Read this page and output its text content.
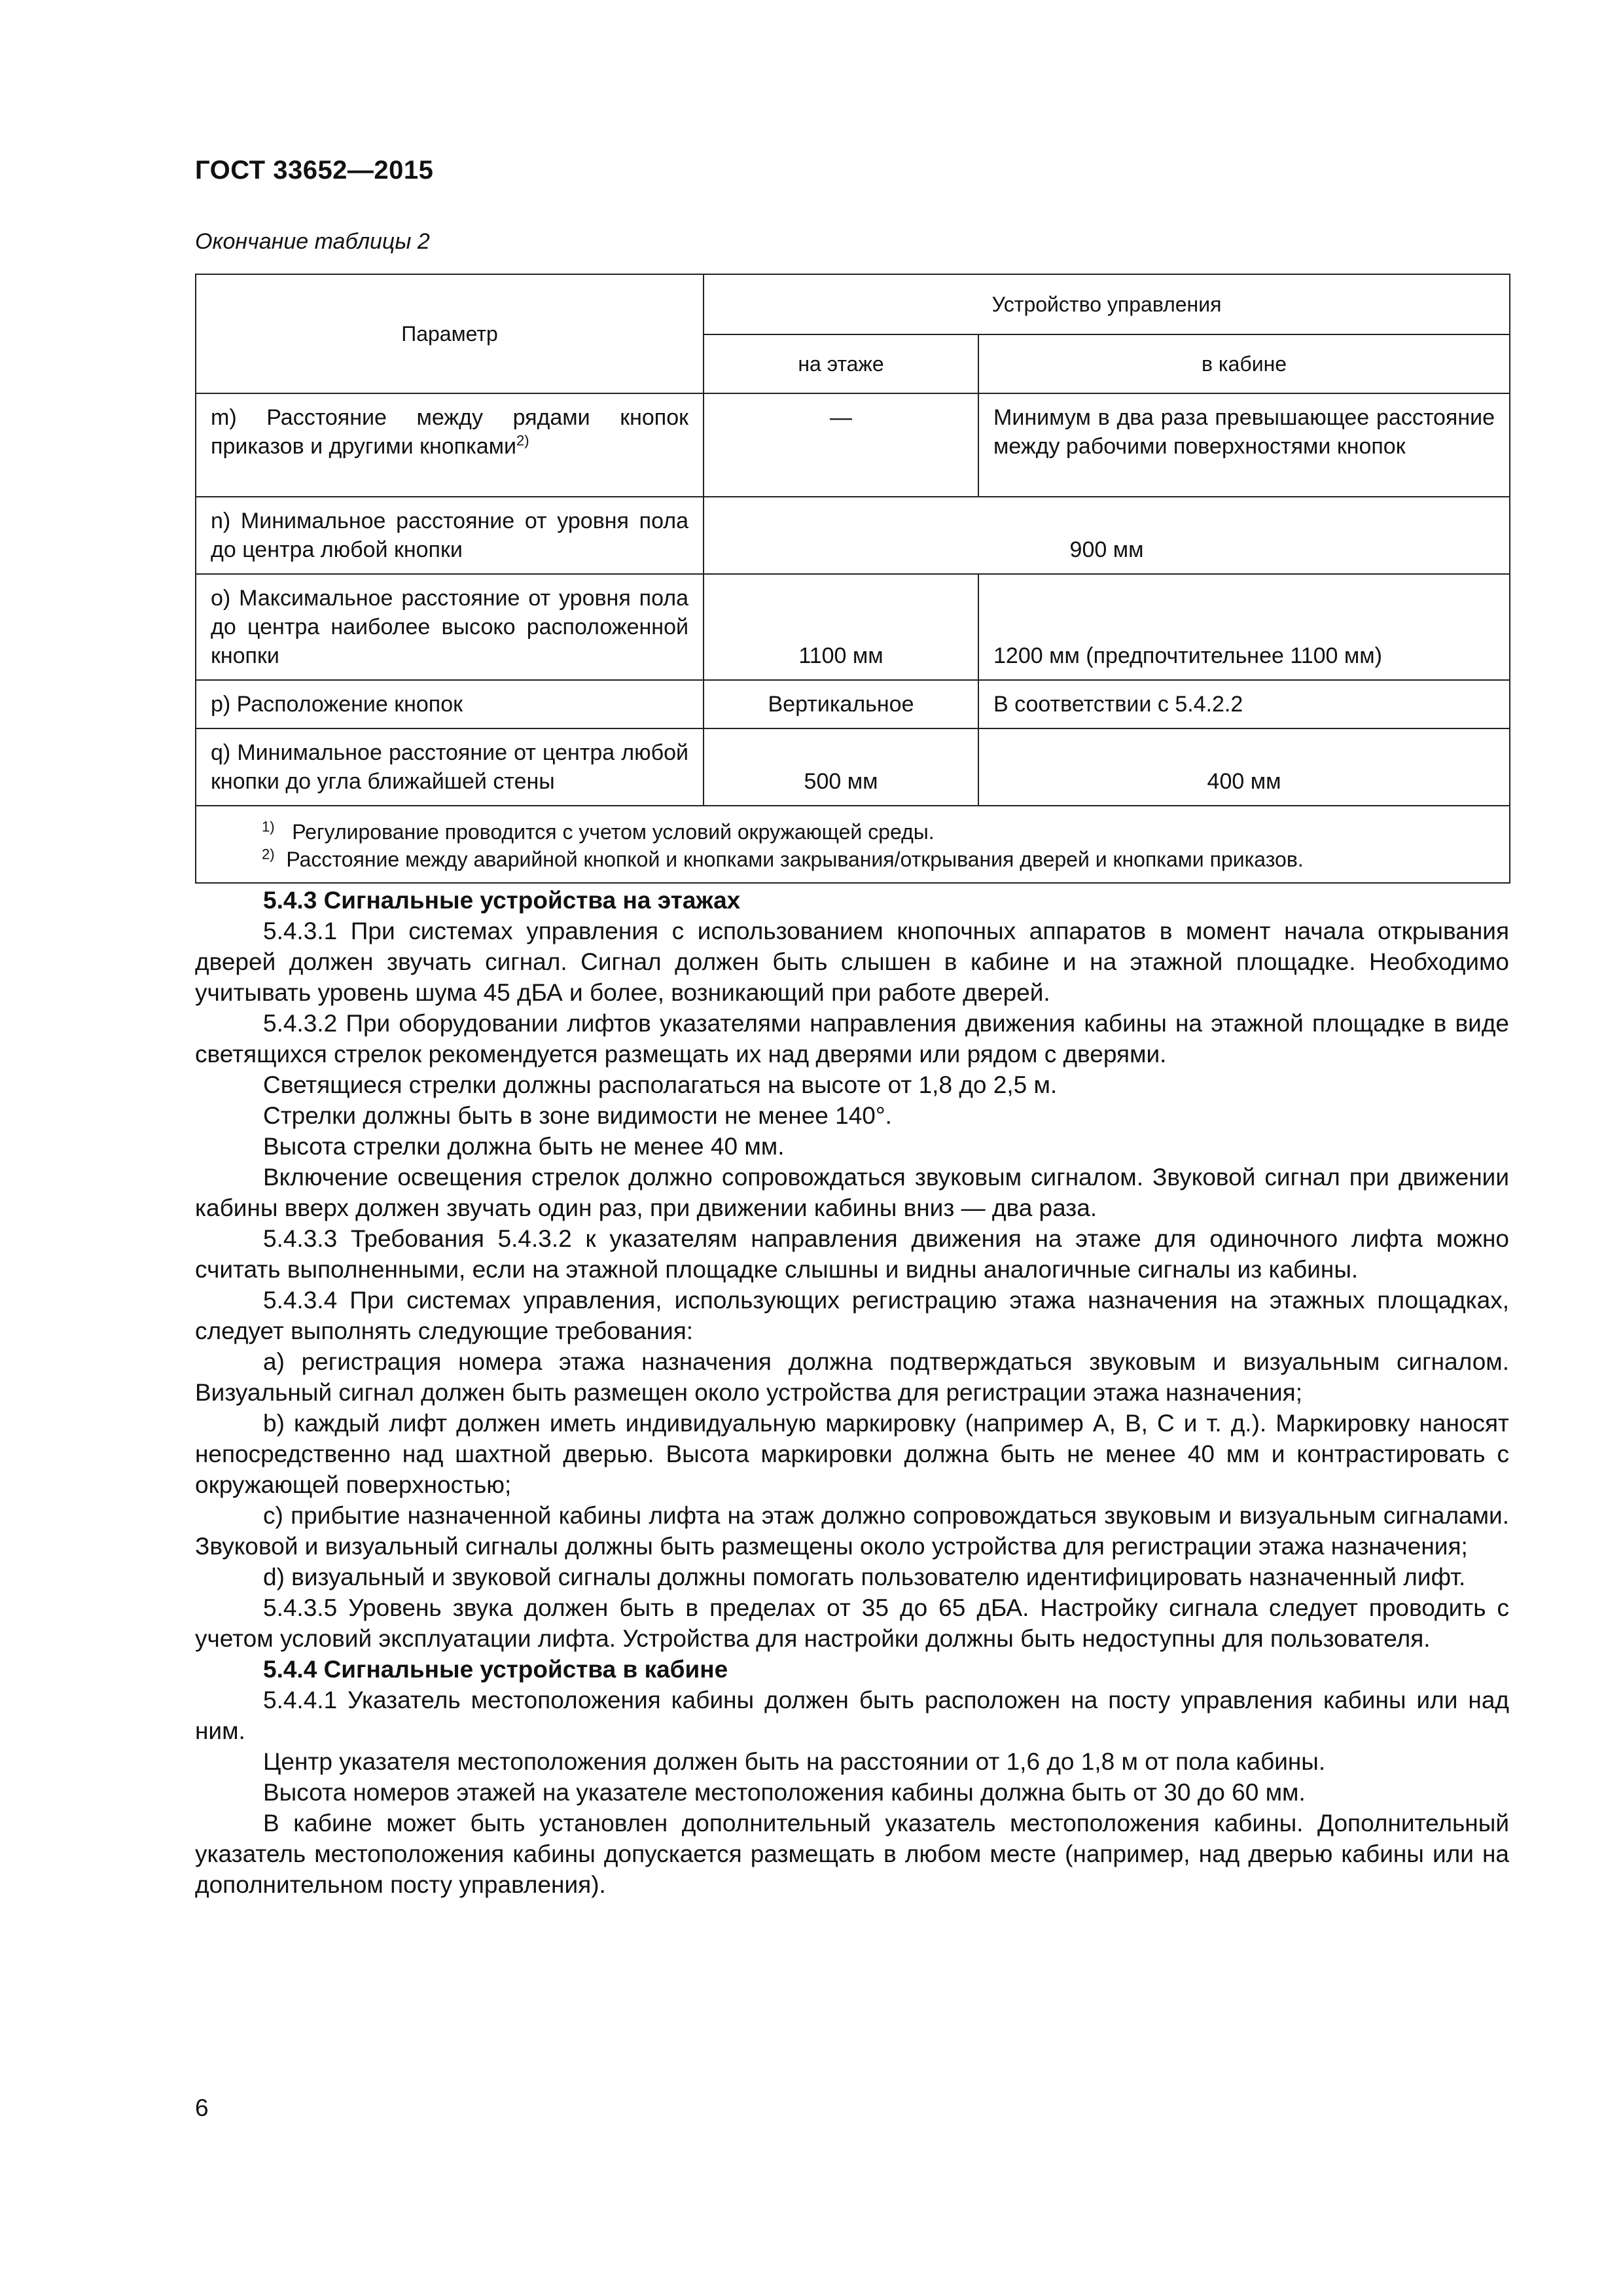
ГОСТ 33652—2015
Окончание таблицы 2
Параметр	Устройство управления	
	на этаже	в кабине
m) Расстояние между рядами кнопок приказов и другими кнопками$^{2)}$	—	Минимум в два раза превышающее расстояние между рабочими поверхностями кнопок
n) Минимальное расстояние от уровня пола до центра любой кнопки	900 мм	
o) Максимальное расстояние от уровня пола до центра наиболее высоко расположенной кнопки	1100 мм	1200 мм (предпочтительнее 1100 мм)
p) Расположение кнопок	Вертикальное	В соответствии с 5.4.2.2
q) Минимальное расстояние от центра любой кнопки до угла ближайшей стены	500 мм	400 мм

$^{1)}$ Регулирование проводится с учетом условий окружающей среды.
$^{2)}$ Расстояние между аварийной кнопкой и кнопками закрывания/открывания дверей и кнопками приказов.		

5.4.3 Сигнальные устройства на этажах

5.4.3.1 При системах управления с использованием кнопочных аппаратов в момент начала открывания дверей должен звучать сигнал. Сигнал должен быть слышен в кабине и на этажной площадке. Необходимо учитывать уровень шума 45 дБА и более, возникающий при работе дверей.

5.4.3.2 При оборудовании лифтов указателями направления движения кабины на этажной площадке в виде светящихся стрелок рекомендуется размещать их над дверями или рядом с дверями.

Светящиеся стрелки должны располагаться на высоте от 1,8 до 2,5 м.

Стрелки должны быть в зоне видимости не менее 140°.

Высота стрелки должна быть не менее 40 мм.

Включение освещения стрелок должно сопровождаться звуковым сигналом. Звуковой сигнал при движении кабины вверх должен звучать один раз, при движении кабины вниз — два раза.

5.4.3.3 Требования 5.4.3.2 к указателям направления движения на этаже для одиночного лифта можно считать выполненными, если на этажной площадке слышны и видны аналогичные сигналы из кабины.

5.4.3.4 При системах управления, использующих регистрацию этажа назначения на этажных площадках, следует выполнять следующие требования:

а) регистрация номера этажа назначения должна подтверждаться звуковым и визуальным сигналом. Визуальный сигнал должен быть размещен около устройства для регистрации этажа назначения;

b) каждый лифт должен иметь индивидуальную маркировку (например А, В, С и т. д.). Маркировку наносят непосредственно над шахтной дверью. Высота маркировки должна быть не менее 40 мм и контрастировать с окружающей поверхностью;

c) прибытие назначенной кабины лифта на этаж должно сопровождаться звуковым и визуальным сигналами. Звуковой и визуальный сигналы должны быть размещены около устройства для регистрации этажа назначения;

d) визуальный и звуковой сигналы должны помогать пользователю идентифицировать назначенный лифт.

5.4.3.5 Уровень звука должен быть в пределах от 35 до 65 дБА. Настройку сигнала следует проводить с учетом условий эксплуатации лифта. Устройства для настройки должны быть недоступны для пользователя.

5.4.4 Сигнальные устройства в кабине

5.4.4.1 Указатель местоположения кабины должен быть расположен на посту управления кабины или над ним.

Центр указателя местоположения должен быть на расстоянии от 1,6 до 1,8 м от пола кабины.

Высота номеров этажей на указателе местоположения кабины должна быть от 30 до 60 мм.

В кабине может быть установлен дополнительный указатель местоположения кабины. Дополнительный указатель местоположения кабины допускается размещать в любом месте (например, над дверью кабины или на дополнительном посту управления).

6
